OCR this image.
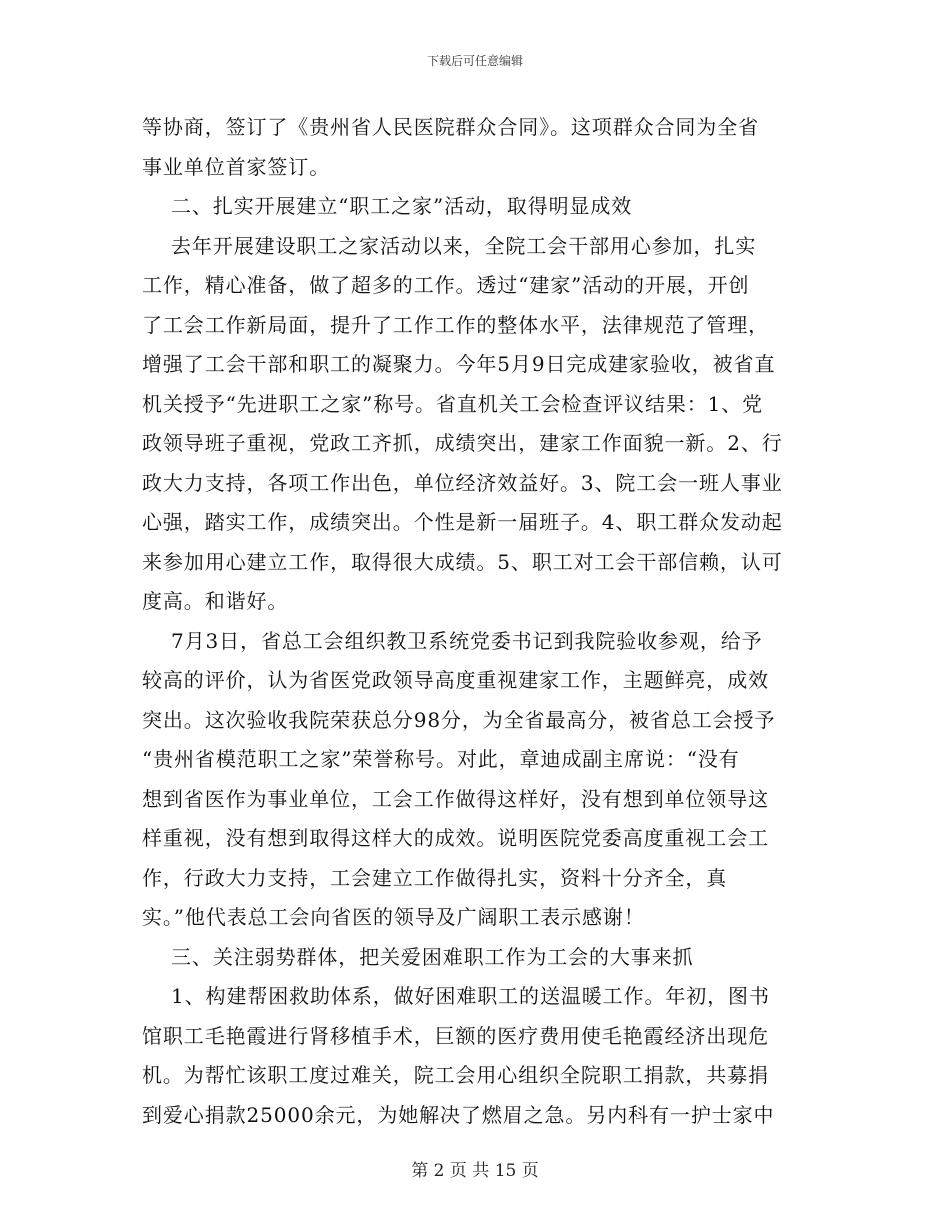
下载后可任意编辑
等协商，签订了《贵州省人民医院群众合同》。这项群众合同为全省
事业单位首家签订。
二、扎实开展建立“职工之家”活动，取得明显成效
去年开展建设职工之家活动以来，全院工会干部用心参加，扎实
工作，精心准备，做了超多的工作。透过“建家”活动的开展，开创
了工会工作新局面，提升了工作工作的整体水平，法律规范了管理，
增强了工会干部和职工的凝聚力。今年5月9日完成建家验收，被省直
机关授予“先进职工之家”称号。省直机关工会检查评议结果：1、党
政领导班子重视，党政工齐抓，成绩突出，建家工作面貌一新。2、行
政大力支持，各项工作出色，单位经济效益好。3、院工会一班人事业
心强，踏实工作，成绩突出。个性是新一届班子。4、职工群众发动起
来参加用心建立工作，取得很大成绩。5、职工对工会干部信赖，认可
度高。和谐好。
7月3日，省总工会组织教卫系统党委书记到我院验收参观，给予
较高的评价，认为省医党政领导高度重视建家工作，主题鲜亮，成效
突出。这次验收我院荣获总分98分，为全省最高分，被省总工会授予
“贵州省模范职工之家”荣誉称号。对此，章迪成副主席说：“没有
想到省医作为事业单位，工会工作做得这样好，没有想到单位领导这
样重视，没有想到取得这样大的成效。说明医院党委高度重视工会工
作，行政大力支持，工会建立工作做得扎实，资料十分齐全，真
实。”他代表总工会向省医的领导及广阔职工表示感谢！
三、关注弱势群体，把关爱困难职工作为工会的大事来抓
1、构建帮困救助体系，做好困难职工的送温暖工作。年初，图书
馆职工毛艳霞进行肾移植手术，巨额的医疗费用使毛艳霞经济出现危
机。为帮忙该职工度过难关，院工会用心组织全院职工捐款，共募捐
到爱心捐款25000余元，为她解决了燃眉之急。另内科有一护士家中
第 2 页 共 15 页
